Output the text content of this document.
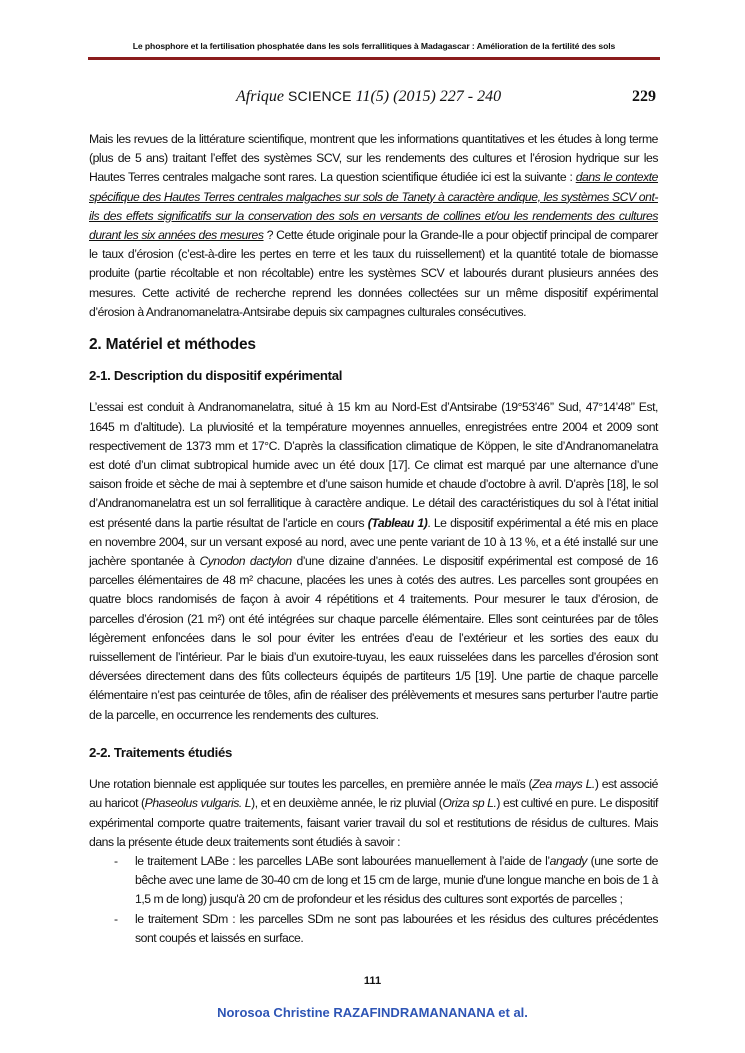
Le phosphore et la fertilisation phosphatée dans les sols ferrallitiques à Madagascar : Amélioration de la fertilité des sols
Afrique SCIENCE 11(5) (2015) 227 - 240	229

Mais les revues de la littérature scientifique, montrent que les informations quantitatives et les études à long terme (plus de 5 ans) traitant l’effet des systèmes SCV, sur les rendements des cultures et l’érosion hydrique sur les Hautes Terres centrales malgache sont rares. La question scientifique étudiée ici est la suivante : dans le contexte spécifique des Hautes Terres centrales malgaches sur sols de Tanety à caractère andique, les systèmes SCV ont-ils des effets significatifs sur la conservation des sols en versants de collines et/ou les rendements des cultures durant les six années des mesures ? Cette étude originale pour la Grande-Ile a pour objectif principal de comparer le taux d’érosion (c’est-à-dire les pertes en terre et les taux du ruissellement) et la quantité totale de biomasse produite (partie récoltable et non récoltable) entre les systèmes SCV et labourés durant plusieurs années des mesures. Cette activité de recherche reprend les données collectées sur un même dispositif expérimental d’érosion à Andranomanelatra-Antsirabe depuis six campagnes culturales consécutives.

2. Matériel et méthodes
2-1. Description du dispositif expérimental

L’essai est conduit à Andranomanelatra, situé à 15 km au Nord-Est d’Antsirabe (19°53’46’’ Sud, 47°14’48’’ Est, 1645 m d’altitude). La pluviosité et la température moyennes annuelles, enregistrées entre 2004 et 2009 sont respectivement de 1373 mm et 17°C. D’après la classification climatique de Köppen, le site d’Andranomanelatra est doté d’un climat subtropical humide avec un été doux [17]. Ce climat est marqué par une alternance d’une saison froide et sèche de mai à septembre et d’une saison humide et chaude d’octobre à avril. D’après [18], le sol d’Andranomanelatra est un sol ferrallitique à caractère andique. Le détail des caractéristiques du sol à l’état initial est présenté dans la partie résultat de l’article en cours (Tableau 1). Le dispositif expérimental a été mis en place en novembre 2004, sur un versant exposé au nord, avec une pente variant de 10 à 13 %, et a été installé sur une jachère spontanée à Cynodon dactylon d’une dizaine d’années. Le dispositif expérimental est composé de 16 parcelles élémentaires de 48 m² chacune, placées les unes à cotés des autres. Les parcelles sont groupées en quatre blocs randomisés de façon à avoir 4 répétitions et 4 traitements. Pour mesurer le taux d’érosion, de parcelles d’érosion (21 m²) ont été intégrées sur chaque parcelle élémentaire. Elles sont ceinturées par de tôles légèrement enfoncées dans le sol pour éviter les entrées d’eau de l’extérieur et les sorties des eaux du ruissellement de l’intérieur. Par le biais d’un exutoire-tuyau, les eaux ruisselées dans les parcelles d’érosion sont déversées directement dans des fûts collecteurs équipés de partiteurs 1/5 [19]. Une partie de chaque parcelle élémentaire n’est pas ceinturée de tôles, afin de réaliser des prélèvements et mesures sans perturber l’autre partie de la parcelle, en occurrence les rendements des cultures.

2-2. Traitements étudiés

Une rotation biennale est appliquée sur toutes les parcelles, en première année le maïs (Zea mays L.) est associé au haricot (Phaseolus vulgaris. L), et en deuxième année, le riz pluvial (Oriza sp L.) est cultivé en pure. Le dispositif expérimental comporte quatre traitements, faisant varier travail du sol et restitutions de résidus de cultures. Mais dans la présente étude deux traitements sont étudiés à savoir :

- le traitement LABe : les parcelles LABe sont labourées manuellement à l’aide de l’angady (une sorte de bêche avec une lame de 30-40 cm de long et 15 cm de large, munie d'une longue manche en bois de 1 à 1,5 m de long) jusqu'à 20 cm de profondeur et les résidus des cultures sont exportés de parcelles ;
- le traitement SDm : les parcelles SDm ne sont pas labourées et les résidus des cultures précédentes sont coupés et laissés en surface.
111
Norosoa Christine RAZAFINDRAMANANANA et al.
